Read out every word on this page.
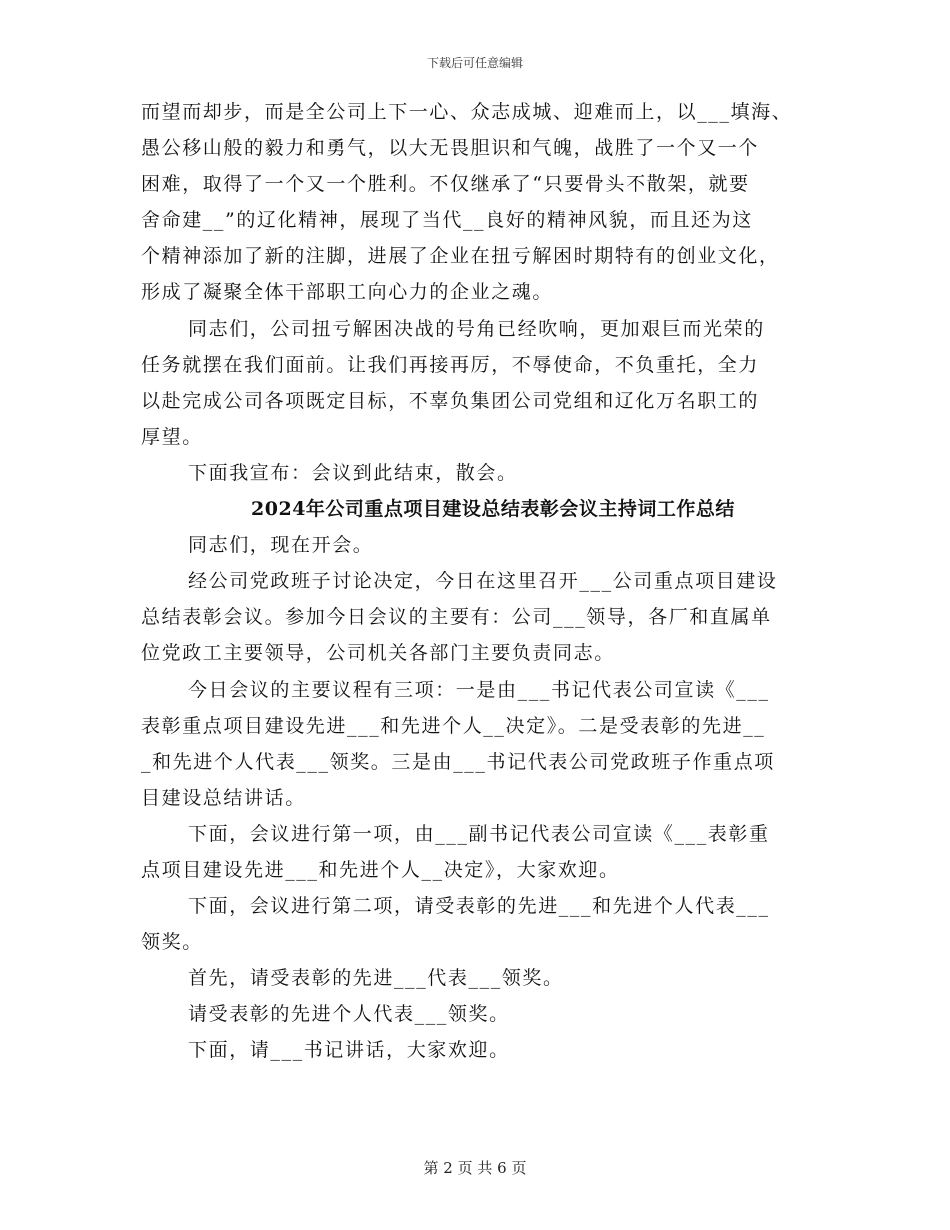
下载后可任意编辑
而望而却步，而是全公司上下一心、众志成城、迎难而上，以___填海、
愚公移山般的毅力和勇气，以大无畏胆识和气魄，战胜了一个又一个
困难，取得了一个又一个胜利。不仅继承了“只要骨头不散架，就要
舍命建__”的辽化精神，展现了当代__良好的精神风貌，而且还为这
个精神添加了新的注脚，进展了企业在扭亏解困时期特有的创业文化，
形成了凝聚全体干部职工向心力的企业之魂。
同志们，公司扭亏解困决战的号角已经吹响，更加艰巨而光荣的
任务就摆在我们面前。让我们再接再厉，不辱使命，不负重托，全力
以赴完成公司各项既定目标，不辜负集团公司党组和辽化万名职工的
厚望。
下面我宣布：会议到此结束，散会。
2024年公司重点项目建设总结表彰会议主持词工作总结
同志们，现在开会。
经公司党政班子讨论决定，今日在这里召开___公司重点项目建设
总结表彰会议。参加今日会议的主要有：公司___领导，各厂和直属单
位党政工主要领导，公司机关各部门主要负责同志。
今日会议的主要议程有三项：一是由___书记代表公司宣读《___
表彰重点项目建设先进___和先进个人__决定》。二是受表彰的先进__
_和先进个人代表___领奖。三是由___书记代表公司党政班子作重点项
目建设总结讲话。
下面，会议进行第一项，由___副书记代表公司宣读《___表彰重
点项目建设先进___和先进个人__决定》，大家欢迎。
下面，会议进行第二项，请受表彰的先进___和先进个人代表___
领奖。
首先，请受表彰的先进___代表___领奖。
请受表彰的先进个人代表___领奖。
下面，请___书记讲话，大家欢迎。
第 2 页 共 6 页
